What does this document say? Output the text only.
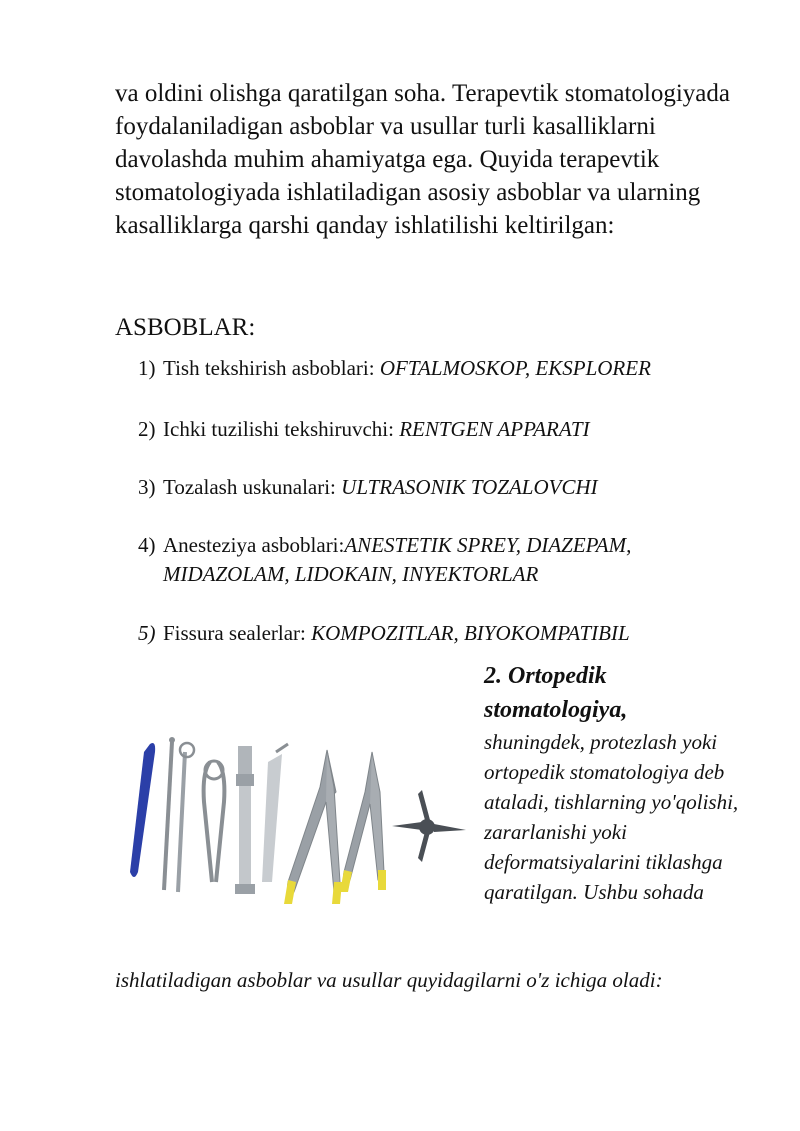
va oldini olishga qaratilgan soha. Terapevtik stomatologiyada foydalaniladigan asboblar va usullar turli kasalliklarni davolashda muhim ahamiyatga ega. Quyida terapevtik stomatologiyada ishlatiladigan asosiy asboblar va ularning kasalliklarga qarshi qanday ishlatilishi keltirilgan:

ASBOBLAR:

1) Tish tekshirish asboblari: OFTALMOSKOP, EKSPLORER
2) Ichki tuzilishi tekshiruvchi: RENTGEN APPARATI
3) Tozalash uskunalari: ULTRASONIK TOZALOVCHI
4) Anesteziya asboblari:ANESTETIK SPREY, DIAZEPAM, MIDAZOLAM, LIDOKAIN, INYEKTORLAR
5) Fissura sealerlar: KOMPOZITLAR, BIYOKOMPATIBIL

2. Ortopedik stomatologiya,
shuningdek, protezlash yoki ortopedik stomatologiya deb ataladi, tishlarning yo'qolishi, zararlanishi yoki deformatsiyalarini tiklashga qaratilgan. Ushbu sohada

ishlatiladigan asboblar va usullar quyidagilarni o'z ichiga oladi:
